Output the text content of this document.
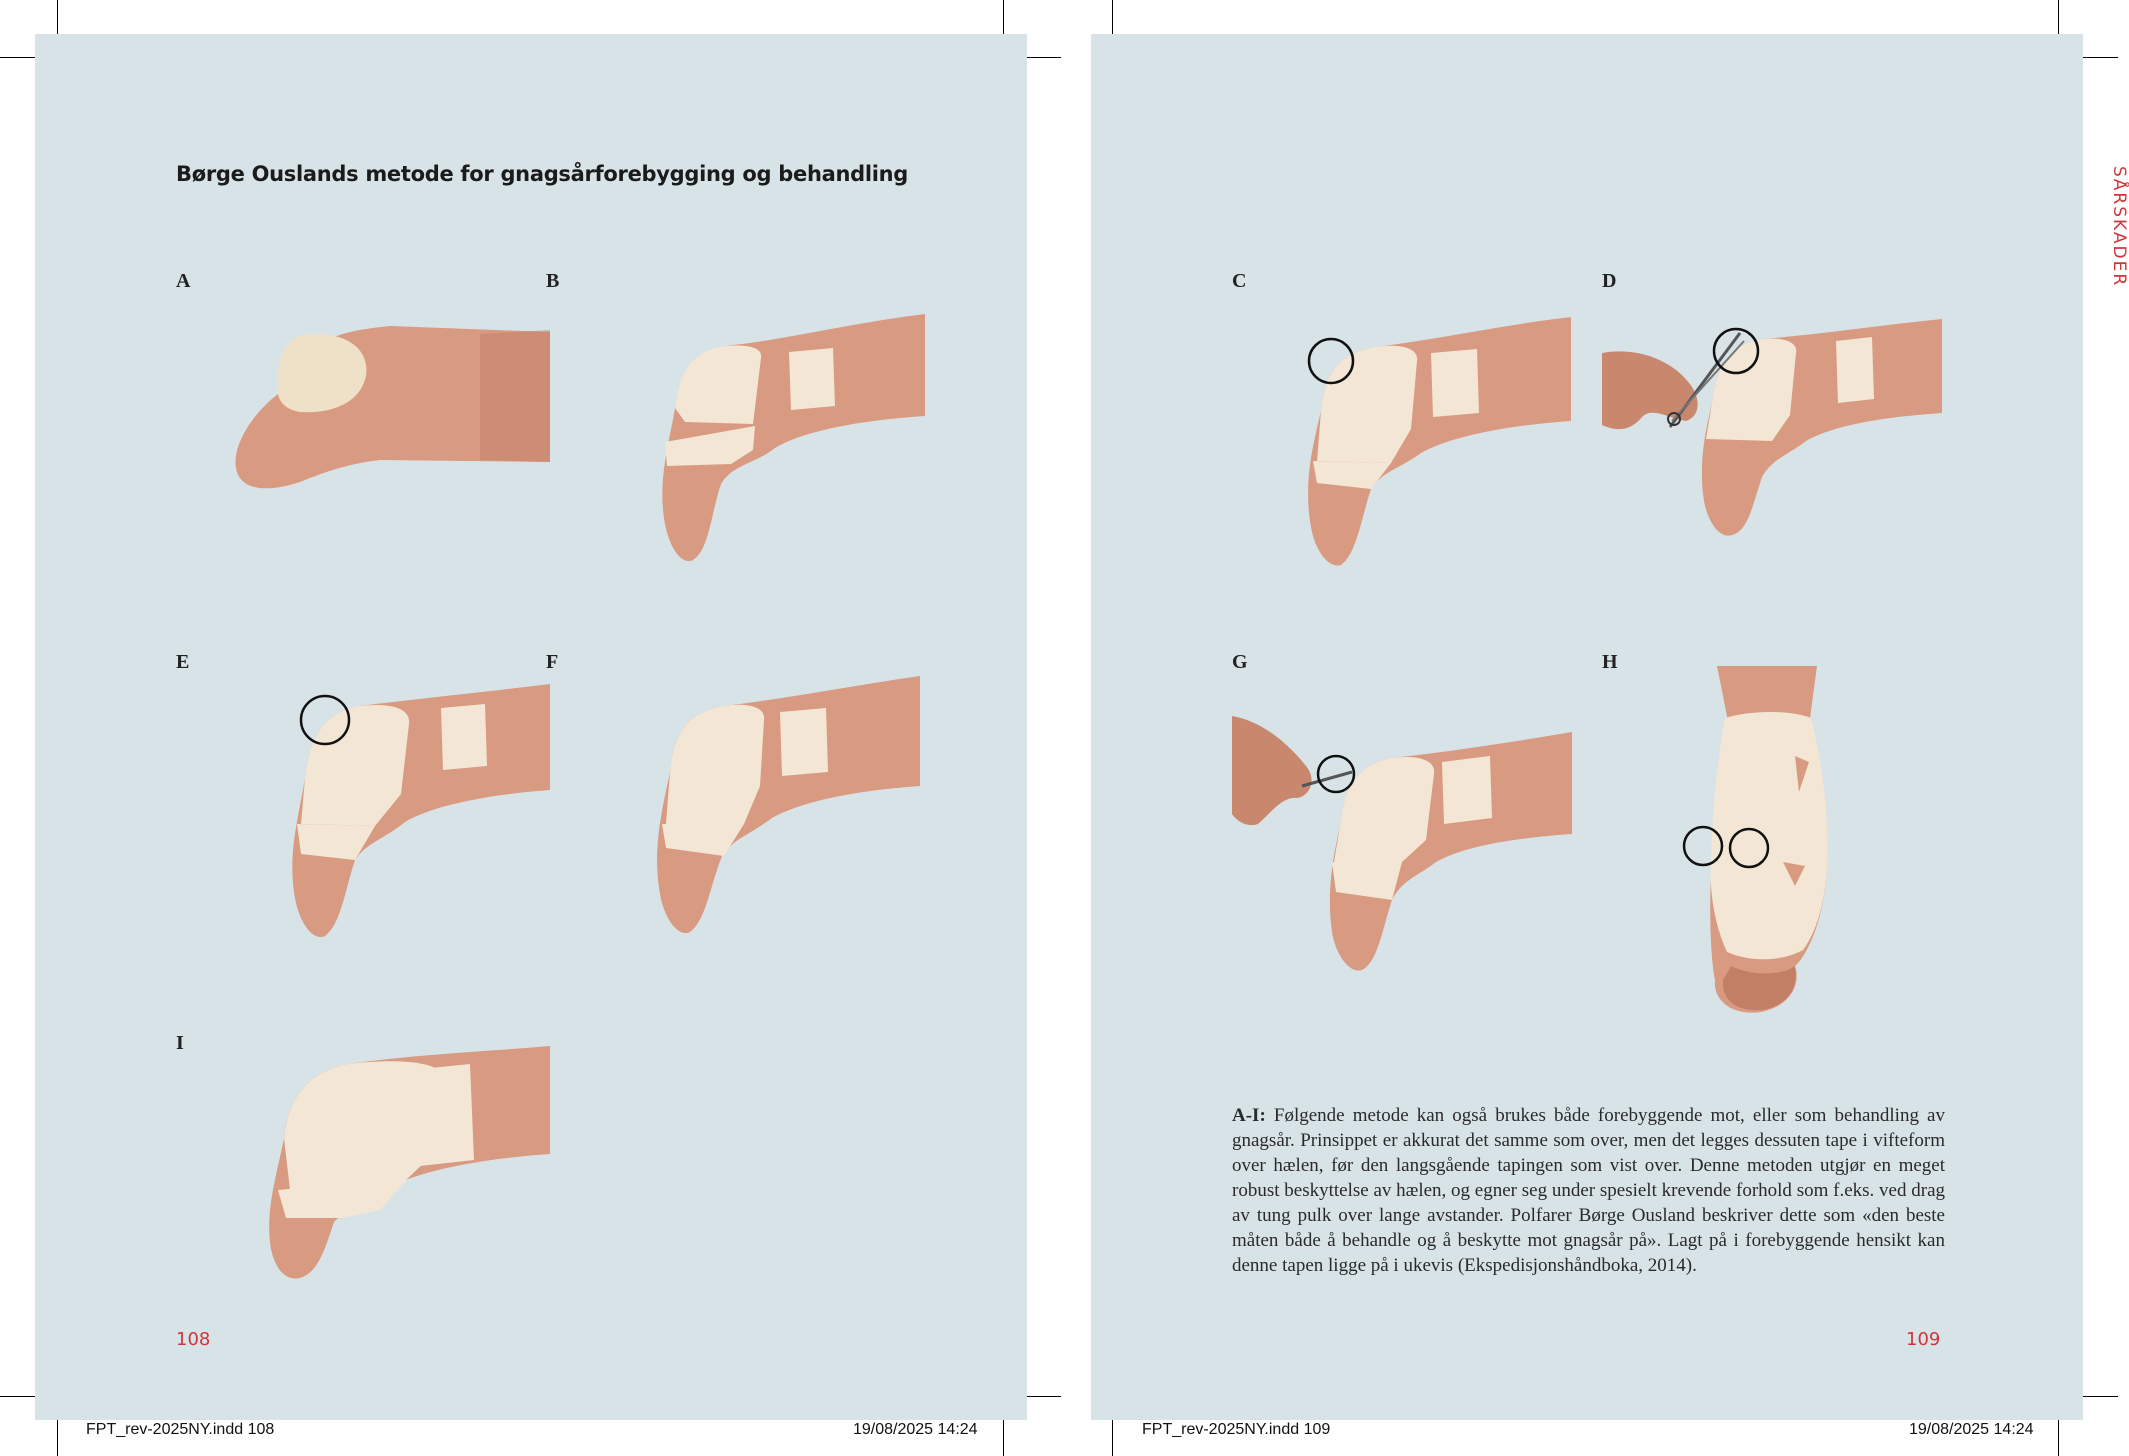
Børge Ouslands metode for gnagsårforebygging og behandling
A	B
E	F
I
108
SÅRSKADER
C	D
G	H
A-I: Følgende metode kan også brukes både forebyggende mot, eller som behandling av gnagsår. Prinsippet er akkurat det samme som over, men det legges dessuten tape i vifteform over hælen, før den langsgående tapingen som vist over. Denne metoden utgjør en meget robust beskyttelse av hælen, og egner seg under spesielt krevende forhold som f.eks. ved drag av tung pulk over lange avstander. Polfarer Børge Ousland beskriver dette som «den beste måten både å behandle og å beskytte mot gnagsår på». Lagt på i forebyggende hensikt kan denne tapen ligge på i ukevis (Ekspedisjonshåndboka, 2014).
109
FPT_rev-2025NY.indd 108	19/08/2025 14:24	FPT_rev-2025NY.indd 109	19/08/2025 14:24
